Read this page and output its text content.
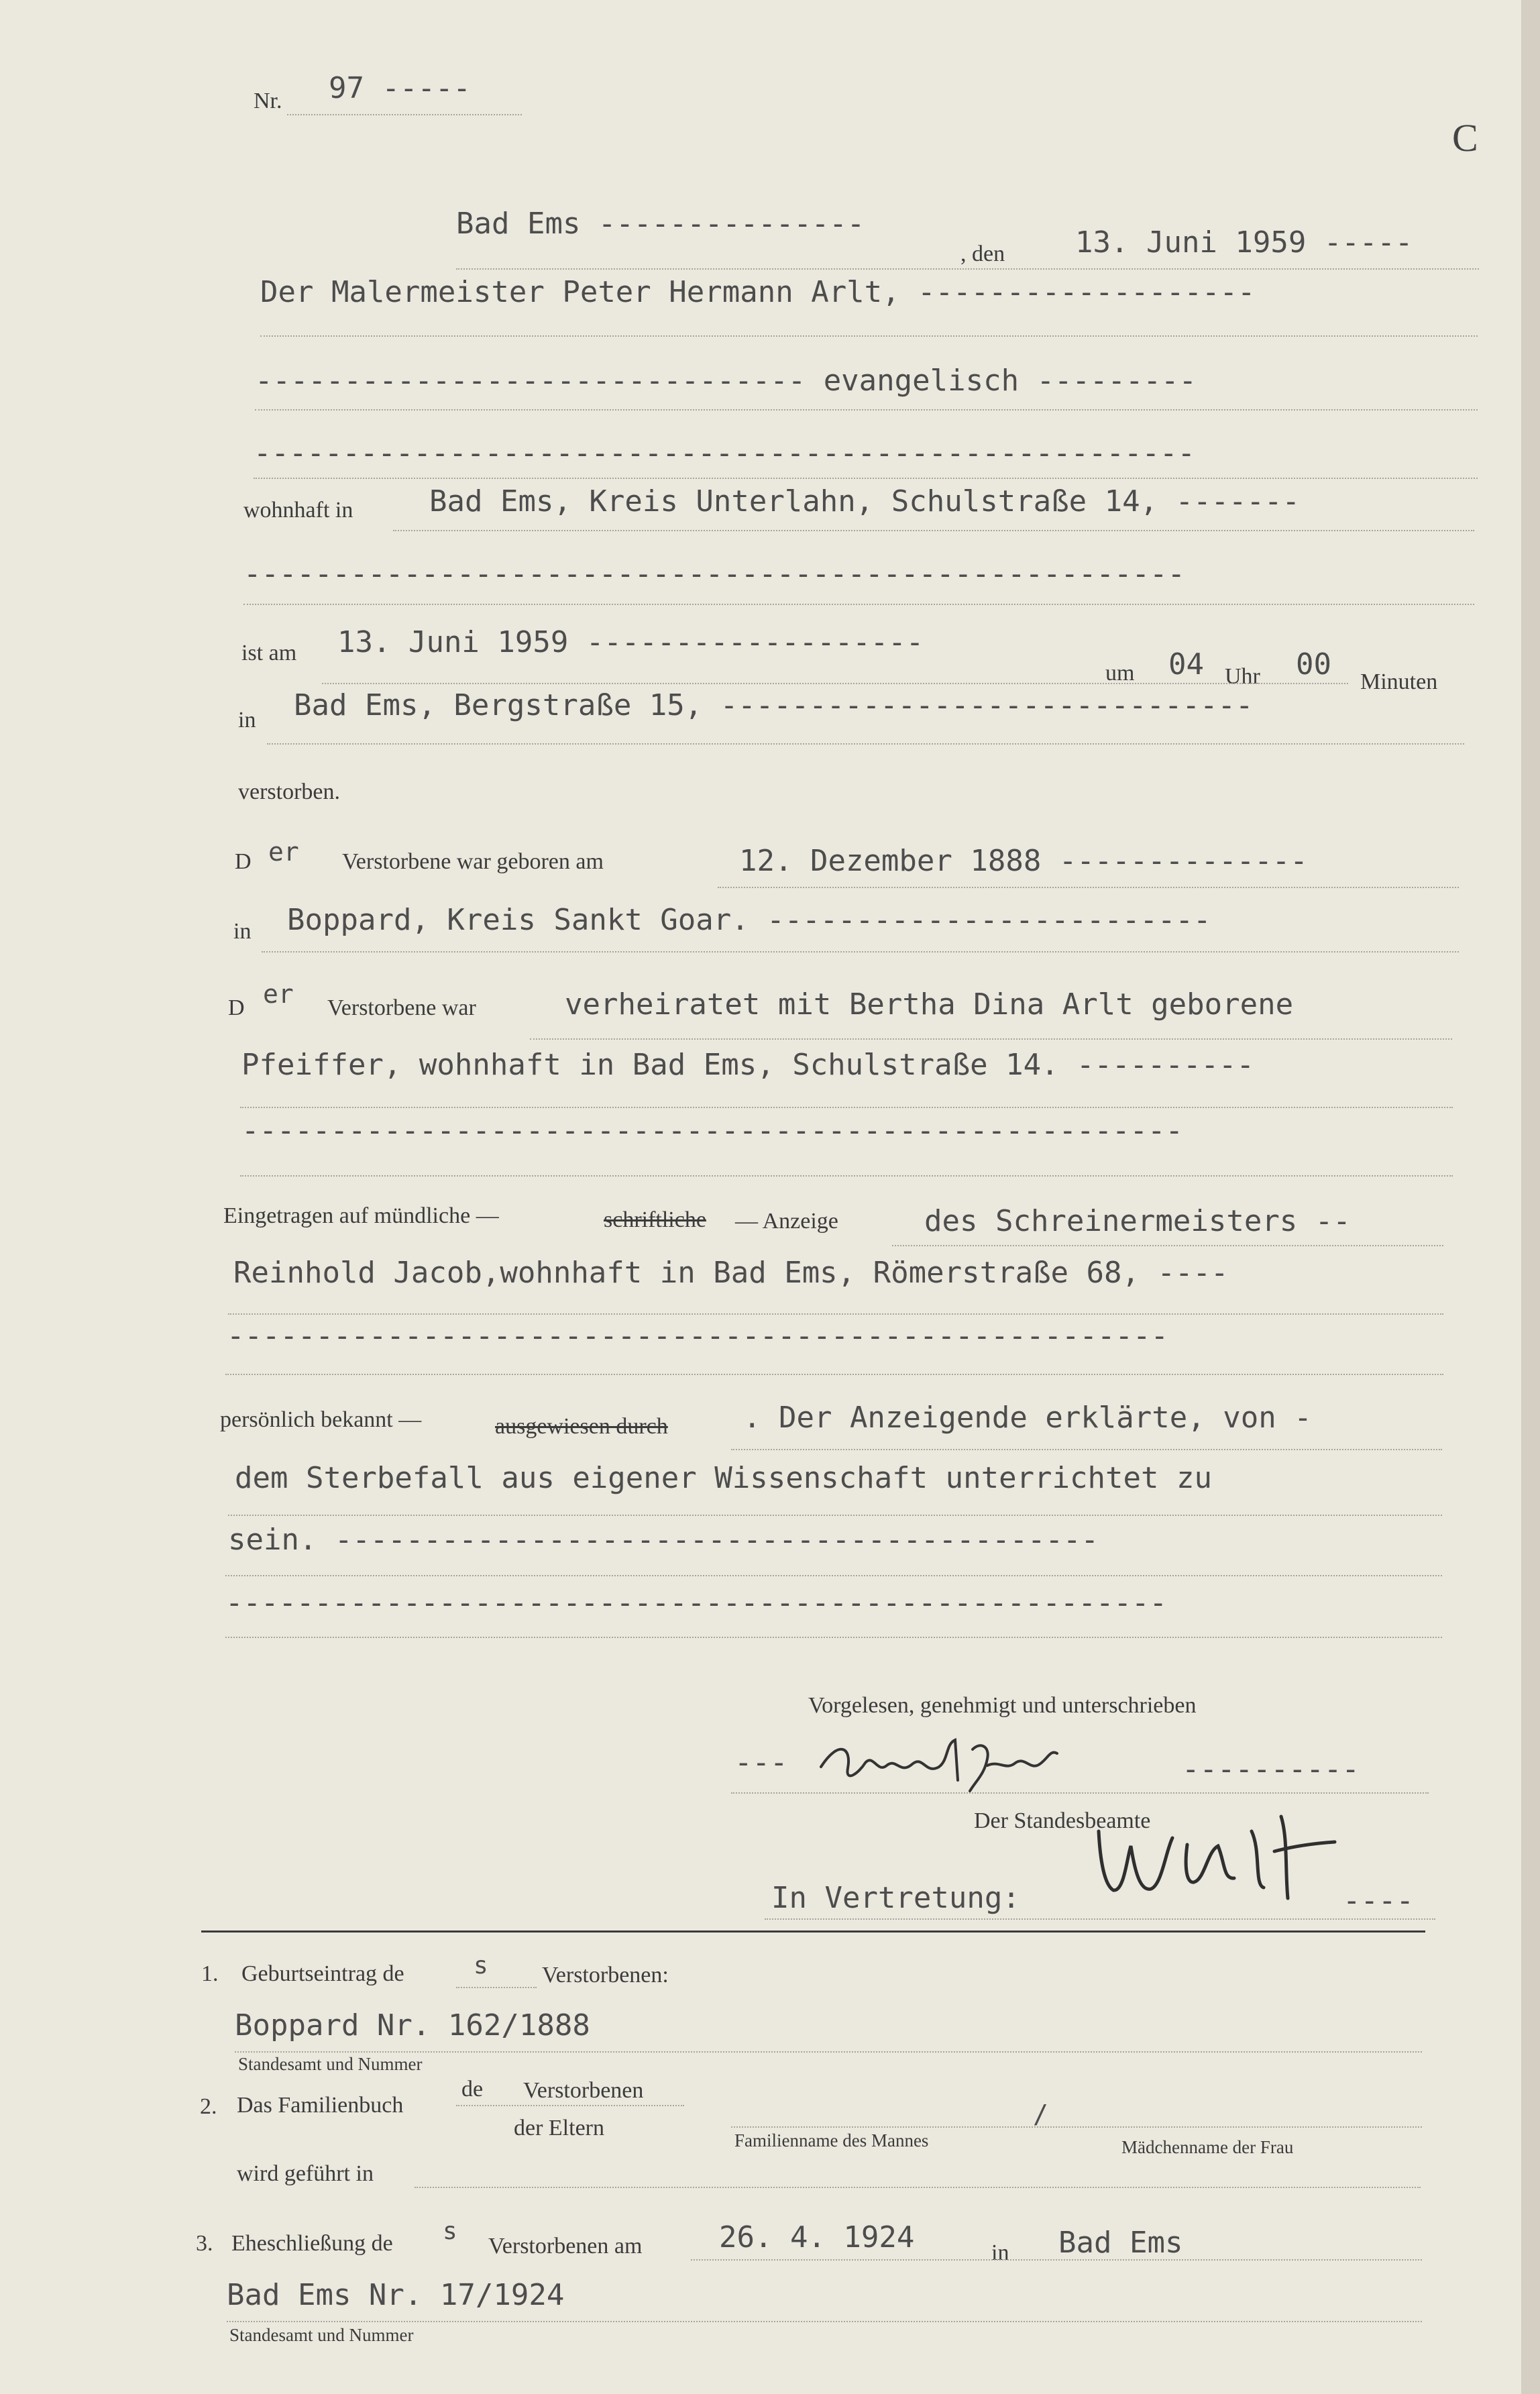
Nr. 97 -----
C
Bad Ems ---------------
, den 13. Juni 1959 -----
Der Malermeister Peter Hermann Arlt, -------------------
------------------------------- evangelisch ---------
-----------------------------------------------------
wohnhaft in	Bad Ems, Kreis Unterlahn, Schulstraße 14, -------
-----------------------------------------------------
ist am 13. Juni 1959 -------------------
um 04 Uhr 00
Minuten
in Bad Ems, Bergstraße 15, ------------------------------
verstorben.
D er Verstorbene war geboren am	12. Dezember 1888 --------------
in Boppard, Kreis Sankt Goar. -------------------------
D er Verstorbene war	verheiratet mit Bertha Dina Arlt geborene
Pfeiffer, wohnhaft in Bad Ems, Schulstraße 14. ----------
-----------------------------------------------------
Eingetragen auf mündliche —	schriftliche — Anzeige	des Schreinermeisters --
Reinhold Jacob,wohnhaft in Bad Ems, Römerstraße 68, ----
-----------------------------------------------------
persönlich bekannt —	ausgewiesen durch	. Der Anzeigende erklärte, von -
dem Sterbefall aus eigener Wissenschaft unterrichtet zu
sein. -------------------------------------------
-----------------------------------------------------
Vorgelesen, genehmigt und unterschrieben
---	----------
Der Standesbeamte
In Vertretung:	----
1. Geburtseintrag de	s Verstorbenen:
Boppard Nr. 162/1888
Standesamt und Nummer
2. Das Familienbuch
de Verstorbenen
der Eltern	/
Familienname des Mannes	Mädchenname der Frau
wird geführt in
3. Eheschließung de s
Verstorbenen am	26. 4. 1924	in Bad Ems
Bad Ems Nr. 17/1924
Standesamt und Nummer
